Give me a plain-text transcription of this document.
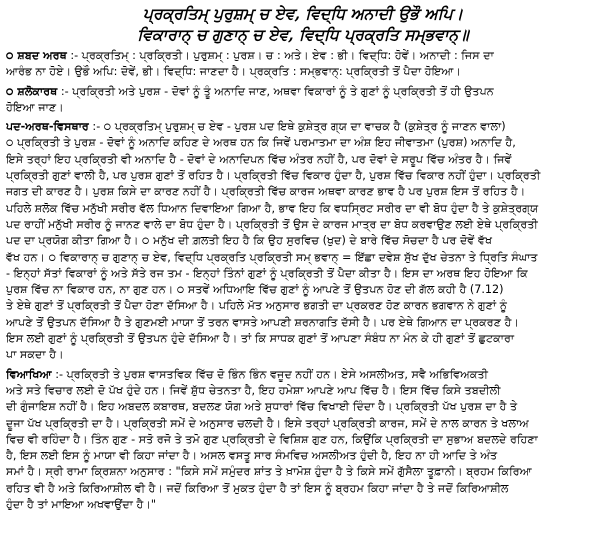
ਪ੍ਰਕ੍ਰਤਿਮ੍ ਪੁਰੁਸ਼ਮ੍ ਚ ਏਵ, ਵਿਦ੍ਧਿ ਅਨਾਦੀ ਉਭੌ ਅਪਿ।
ਵਿਕਾਰਾਨ੍ ਚ ਗੁਣਾਨ੍ ਚ ਏਵ, ਵਿਦ੍ਧਿ ਪ੍ਰਕ੍ਰਤਿ ਸਮ੍ਭਵਾਨ੍॥
੦ ਸ਼ਬਦ ਅਰਥ :- ਪ੍ਰਕ੍ਰਤਿਮ੍ : ਪ੍ਰਕ੍ਰਿਤੀ। ਪੁਰੁਸ਼ਮ੍ : ਪੁਰਸ਼। ਚ : ਅਤੇ। ਏਵ : ਭੀ। ਵਿਦ੍ਧਿ: ਹੋਵੇਂ। ਅਨਾਦੀ : ਜਿਸ ਦਾ
ਆਰੰਭ ਨਾ ਹੋਏ। ਉਭੌ ਅਪਿ: ਦੋਵੇਂ, ਭੀ। ਵਿਦ੍ਧਿ: ਜਾਣਦਾ ਹੈ। ਪ੍ਰਕ੍ਰਤਿ : ਸਮ੍ਭਵਾਨ੍: ਪ੍ਰਕ੍ਰਿਤੀ ਤੋਂ ਪੈਦਾ ਹੋਇਆ।
੦ ਸ਼ਲੋਕਾਰਥ :- ਪ੍ਰਕ੍ਰਿਤੀ ਅਤੇ ਪੁਰਸ਼ - ਦੋਵਾਂ ਨੂੰ ਤੂੰ ਅਨਾਦਿ ਜਾਣ, ਅਥਵਾ ਵਿਕਾਰਾਂ ਨੂੰ ਤੇ ਗੁਣਾਂ ਨੂੰ ਪ੍ਰਕ੍ਰਿਤੀ ਤੋਂ ਹੀ ਉਤਪਨ
ਹੋਇਆ ਜਾਣ।
ਪਦ-ਅਰਥ-ਵਿਸਥਾਰ :- ੦ ਪ੍ਰਕ੍ਰਤਿਮ੍ ਪੁਰੁਸ਼ਮ੍ ਚ ਏਵ - ਪੁਰਸ਼ ਪਦ ਇਥੇ ਕੁਸ਼ੇਤ੍ਰ ਗ੍ਯ ਦਾ ਵਾਚਕ ਹੈ (ਕੁਸ਼ੇਤ੍ਰ ਨੂੰ ਜਾਣਨ ਵਾਲਾ)
੦ ਪ੍ਰਕ੍ਰਿਤੀ ਤੇ ਪੁਰਸ਼ - ਦੋਵਾਂ ਨੂੰ ਅਨਾਦਿ ਕਹਿਣ ਦੇ ਅਰਥ ਹਨ ਕਿ ਜਿਵੇਂ ਪਰਮਾਤਮਾ ਦਾ ਅੰਸ਼ ਇਹ ਜੀਵਾਤਮਾ (ਪੁਰਸ਼) ਅਨਾਦਿ ਹੈ,
ਇਸੇ ਤਰ੍ਹਾਂ ਇਹ ਪ੍ਰਕ੍ਰਿਤੀ ਵੀ ਅਨਾਦਿ ਹੈ - ਦੋਵਾਂ ਦੇ ਅਨਾਦਿਪਨ ਵਿੱਚ ਅੰਤਰ ਨਹੀਂ ਹੈ, ਪਰ ਦੋਵਾਂ ਦੇ ਸਰੂਪ ਵਿੱਚ ਅੰਤਰ ਹੈ। ਜਿਵੇਂ
ਪ੍ਰਕ੍ਰਿਤੀ ਗੁਣਾਂ ਵਾਲੀ ਹੈ, ਪਰ ਪੁਰਸ਼ ਗੁਣਾਂ ਤੋਂ ਰਹਿਤ ਹੈ। ਪ੍ਰਕ੍ਰਿਤੀ ਵਿੱਚ ਵਿਕਾਰ ਹੁੰਦਾ ਹੈ, ਪੁਰਸ਼ ਵਿੱਚ ਵਿਕਾਰ ਨਹੀਂ ਹੁੰਦਾ। ਪ੍ਰਕ੍ਰਿਤੀ
ਜਗਤ ਦੀ ਕਾਰਣ ਹੈ। ਪੁਰਸ਼ ਕਿਸੇ ਦਾ ਕਾਰਣ ਨਹੀਂ ਹੈ। ਪ੍ਰਕ੍ਰਿਤੀ ਵਿੱਚ ਕਾਰਜ ਅਥਵਾ ਕਾਰਣ ਭਾਵ ਹੈ ਪਰ ਪੁਰਸ਼ ਇਸ ਤੋਂ ਰਹਿਤ ਹੈ।
ਪਹਿਲੇ ਸ਼ਲੋਕ ਵਿੱਚ ਮਨੁੱਖੀ ਸਰੀਰ ਵੱਲ ਧਿਆਨ ਦਿਵਾਇਆ ਗਿਆ ਹੈ, ਭਾਵ ਇਹ ਕਿ ਵਧਸ੍ਰਿਟ ਸਰੀਰ ਦਾ ਵੀ ਬੋਧ ਹੁੰਦਾ ਹੈ ਤੇ ਕੁਸ਼ੇਤ੍ਰਗ੍ਯ
ਪਦ ਰਾਹੀਂ ਮਨੁੱਖੀ ਸਰੀਰ ਨੂੰ ਜਾਨਣ ਵਾਲੇ ਦਾ ਬੋਧ ਹੁੰਦਾ ਹੈ। ਪ੍ਰਕ੍ਰਿਤੀ ਤੋਂ ਉਸ ਦੇ ਕਾਰਜ ਮਾਤ੍ਰ ਦਾ ਬੋਧ ਕਰਵਾਉਣ ਲਈ ਏਥੇ ਪ੍ਰਕ੍ਰਿਤੀ
ਪਦ ਦਾ ਪ੍ਰਯੋਗ ਕੀਤਾ ਗਿਆ ਹੈ। ੦ ਮਨੁੱਖ ਦੀ ਗ਼ਲਤੀ ਇਹ ਹੈ ਕਿ ਉਹ ਸੁਰਵਿਚ (ਖੁਦ) ਦੇ ਬਾਰੇ ਵਿੱਚ ਸੋਚਦਾ ਹੈ ਪਰ ਦੋਵੇਂ ਵੱਖ
ਵੱਖ ਹਨ। ੦ ਵਿਕਾਰਾਨ੍ ਚ ਗੁਣਾਨ੍ ਚ ਏਵ, ਵਿਦ੍ਧਿ ਪ੍ਰਕ੍ਰਤਿ ਪ੍ਰਕ੍ਰਿਤੀ ਸਮ੍ ਭਵਾਨ੍ = ਇੱਛਾ ਦਵੇਸ਼ ਸੁੱਖ ਦੁੱਖ ਚੇਤਨਾ ਤੇ ਧ੍ਰਿਤਿ ਸੰਘਾਤ
- ਇਨ੍ਹਾਂ ਸੱਤਾਂ ਵਿਕਾਰਾਂ ਨੂੰ ਅਤੇ ਸੱਤੇ ਰਜ ਤਮ - ਇਨ੍ਹਾਂ ਤਿੰਨਾਂ ਗੁਣਾਂ ਨੂੰ ਪ੍ਰਕ੍ਰਿਤੀ ਤੋਂ ਪੈਦਾ ਕੀਤਾ ਹੈ। ਇਸ ਦਾ ਅਰਥ ਇਹ ਹੋਇਆ ਕਿ
ਪੁਰਸ਼ ਵਿੱਚ ਨਾ ਵਿਕਾਰ ਹਨ, ਨਾ ਗੁਣ ਹਨ। ੦ ਸਤਵੇਂ ਅਧਿਆਇ ਵਿੱਚ ਗੁਣਾਂ ਨੂੰ ਆਪਣੇ ਤੋਂ ਉਤਪਨ ਹੋਣ ਦੀ ਗੱਲ ਕਹੀ ਹੈ (7.12)
ਤੇ ਏਥੇ ਗੁਣਾਂ ਤੋਂ ਪ੍ਰਕ੍ਰਿਤੀ ਤੋਂ ਪੈਦਾ ਹੋਣਾ ਦੱਸਿਆ ਹੈ। ਪਹਿਲੇ ਮੱਤ ਅਨੁਸਾਰ ਭਗਤੀ ਦਾ ਪ੍ਰਕਰਣ ਹੋਣ ਕਾਰਨ ਭਗਵਾਨ ਨੇ ਗੁਣਾਂ ਨੂੰ
ਆਪਣੇ ਤੋਂ ਉਤਪਨ ਦੱਸਿਆ ਹੈ ਤੇ ਗੁਣਮਈ ਮਾਯਾ ਤੋਂ ਤਰਨ ਵਾਸਤੇ ਆਪਣੀ ਸ਼ਰਨਾਗਤਿ ਦੱਸੀ ਹੈ। ਪਰ ਏਥੇ ਗਿਆਨ ਦਾ ਪ੍ਰਕਰਣ ਹੈ।
ਇਸ ਲਈ ਗੁਣਾਂ ਨੂੰ ਪ੍ਰਕ੍ਰਿਤੀ ਤੋਂ ਉਤਪਨ ਹੁੰਦੇ ਦੱਸਿਆ ਹੈ। ਤਾਂ ਕਿ ਸਾਧਕ ਗੁਣਾਂ ਤੋਂ ਆਪਣਾ ਸੰਬੰਧ ਨਾ ਮੰਨ ਕੇ ਹੀ ਗੁਣਾਂ ਤੋਂ ਛੁਟਕਾਰਾ
ਪਾ ਸਕਦਾ ਹੈ।
ਵਿਆਖਿਆ :- ਪ੍ਰਕ੍ਰਿਤੀ ਤੇ ਪੁਰਸ਼ ਵਾਸਤਵਿਕ ਵਿੱਚ ਦੋ ਭਿੰਨ ਭਿੰਨ ਵਜੂਦ ਨਹੀਂ ਹਨ। ਏਸੇ ਅਸਲੀਅਤ, ਸਵੈ ਅਭਿਵਿਅਕਤੀ
ਅਤੇ ਸਤੇ ਵਿਚਾਰ ਲਈ ਦੋ ਪੱਖ ਹੁੰਦੇ ਹਨ। ਜਿਵੇਂ ਸ਼ੁੱਧ ਚੇਤਨਤਾ ਹੈ, ਇਹ ਹਮੇਸ਼ਾ ਆਪਣੇ ਆਪ ਵਿੱਚ ਹੈ। ਇਸ ਵਿੱਚ ਕਿਸੇ ਤਬਦੀਲੀ
ਦੀ ਗੁੰਜਾਇਸ਼ ਨਹੀਂ ਹੈ। ਇਹ ਅਬਦਲ ਕਬਾਰਥ, ਬਦਲਣ ਯੋਗ ਅਤੇ ਸੁਧਾਰਾਂ ਵਿੱਚ ਵਿਖਾਈ ਦਿੰਦਾ ਹੈ। ਪ੍ਰਕ੍ਰਿਤੀ ਪੱਖ ਪੁਰਸ਼ ਦਾ ਹੈ ਤੇ
ਦੂਜਾ ਪੱਖ ਪ੍ਰਕ੍ਰਿਤੀ ਦਾ ਹੈ। ਪ੍ਰਕ੍ਰਿਤੀ ਸਮੇਂ ਦੇ ਅਨੁਸਾਰ ਚਲਦੀ ਹੈ। ਇਸੇ ਤਰ੍ਹਾਂ ਪ੍ਰਕ੍ਰਿਤੀ ਕਾਰਜ, ਸਮੇਂ ਦੇ ਨਾਲ ਕਾਰਨ ਤੇ ਖਲਾਅ
ਵਿਚ ਵੀ ਰਹਿੰਦਾ ਹੈ। ਤਿੰਨ ਗੁਣ - ਸਤੋ ਰਜੋ ਤੇ ਤਮੋ ਗੁਣ ਪ੍ਰਕ੍ਰਿਤੀ ਦੇ ਵਿਸ਼ਿਸ਼ ਗੁਣ ਹਨ, ਕਿਉਂਕਿ ਪ੍ਰਕ੍ਰਿਤੀ ਦਾ ਸੁਭਾਅ ਬਦਲਦੇ ਰਹਿਣਾ
ਹੈ, ਇਸ ਲਈ ਇਸ ਨੂੰ ਮਾਯਾ ਵੀ ਕਿਹਾ ਜਾਂਦਾ ਹੈ। ਅਸਲ ਵਸਤੂ ਸਾਰ ਸੰਮਵਿਚ ਅਸਲੀਅਤ ਹੁੰਦੀ ਹੈ, ਇਹ ਨਾ ਹੀ ਆਦਿ ਤੇ ਅੰਤ
ਸਮਾਂ ਹੈ। ਸ੍ਰੀ ਰਾਮਾ ਕ੍ਰਿਸ਼ਨਾ ਅਨੁਸਾਰ : "ਕਿਸੇ ਸਮੇਂ ਸਮੁੰਦਰ ਸ਼ਾਂਤ ਤੇ ਖ਼ਾਮੋਸ਼ ਹੁੰਦਾ ਹੈ ਤੇ ਕਿਸੇ ਸਮੇਂ ਗੁੱਸੈਲਾ ਤੂਫ਼ਾਨੀ। ਬ੍ਰਹਮ ਕਿਰਿਆ
ਰਹਿਤ ਵੀ ਹੈ ਅਤੇ ਕਿਰਿਆਸ਼ੀਲ ਵੀ ਹੈ। ਜਦੋਂ ਕਿਰਿਆ ਤੋਂ ਮੁਕਤ ਹੁੰਦਾ ਹੈ ਤਾਂ ਇਸ ਨੂੰ ਬ੍ਰਹਮ ਕਿਹਾ ਜਾਂਦਾ ਹੈ ਤੇ ਜਦੋਂ ਕਿਰਿਆਸ਼ੀਲ
ਹੁੰਦਾ ਹੈ ਤਾਂ ਮਾਇਆ ਅਖਵਾਉਂਦਾ ਹੈ।"
